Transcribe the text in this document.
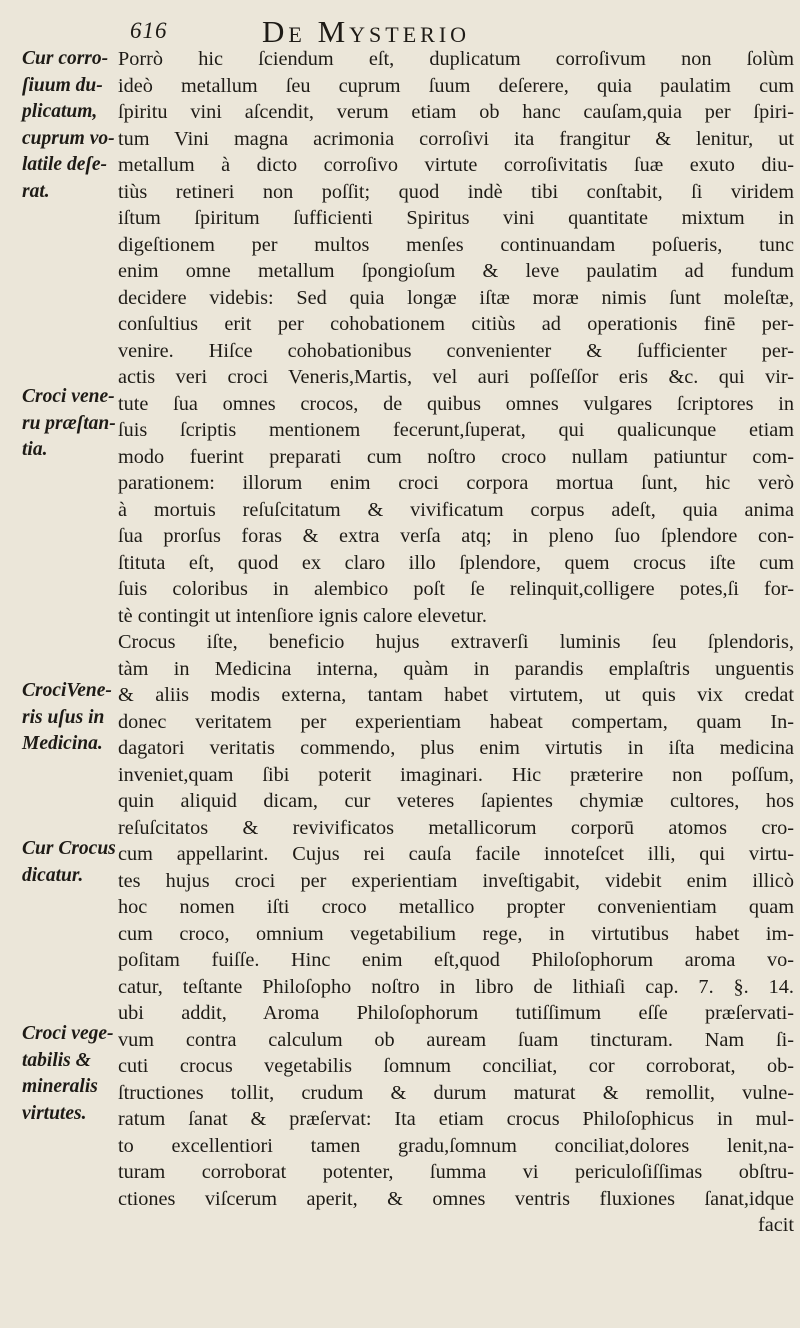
616	De Mysterio
Cur corro-
ſiuum du-
plicatum,
cuprum vo-
latile deſe-
rat.
Croci vene-
ru præſtan-
tia.
CrociVene-
ris uſus in
Medicina.
Cur Crocus
dicatur.
Croci vege-
tabilis &
mineralis
virtutes.
Porrò hic ſciendum eſt, duplicatum corroſivum non ſolùm
ideò metallum ſeu cuprum ſuum deſerere, quia paulatim cum
ſpiritu vini aſcendit, verum etiam ob hanc cauſam,quia per ſpiri-
tum Vini magna acrimonia corroſivi ita frangitur & lenitur, ut
metallum à dicto corroſivo virtute corroſivitatis ſuæ exuto diu-
tiùs retineri non poſſit; quod indè tibi conſtabit, ſi viridem
iſtum ſpiritum ſufficienti Spiritus vini quantitate mixtum in
digeſtionem per multos menſes continuandam poſueris, tunc
enim omne metallum ſpongioſum & leve paulatim ad fundum
decidere videbis: Sed quia longæ iſtæ moræ nimis ſunt moleſtæ,
conſultius erit per cohobationem citiùs ad operationis finē per-
venire. Hiſce cohobationibus convenienter & ſufficienter per-
actis veri croci Veneris,Martis, vel auri poſſeſſor eris &c. qui vir-
tute ſua omnes crocos, de quibus omnes vulgares ſcriptores in
ſuis ſcriptis mentionem fecerunt,ſuperat, qui qualicunque etiam
modo fuerint preparati cum noſtro croco nullam patiuntur com-
parationem: illorum enim croci corpora mortua ſunt, hic verò
à mortuis reſuſcitatum & vivificatum corpus adeſt, quia anima
ſua prorſus foras & extra verſa atq; in pleno ſuo ſplendore con-
ſtituta eſt, quod ex claro illo ſplendore, quem crocus iſte cum
ſuis coloribus in alembico poſt ſe relinquit,colligere potes,ſi for-
tè contingit ut intenſiore ignis calore elevetur.
Crocus iſte, beneficio hujus extraverſi luminis ſeu ſplendoris,
tàm in Medicina interna, quàm in parandis emplaſtris unguentis
& aliis modis externa, tantam habet virtutem, ut quis vix credat
donec veritatem per experientiam habeat compertam, quam In-
dagatori veritatis commendo, plus enim virtutis in iſta medicina
inveniet,quam ſibi poterit imaginari. Hic præterire non poſſum,
quin aliquid dicam, cur veteres ſapientes chymiæ cultores, hos
reſuſcitatos & revivificatos metallicorum corporū atomos cro-
cum appellarint. Cujus rei cauſa facile innoteſcet illi, qui virtu-
tes hujus croci per experientiam inveſtigabit, videbit enim illicò
hoc nomen iſti croco metallico propter convenientiam quam
cum croco, omnium vegetabilium rege, in virtutibus habet im-
poſitam fuiſſe. Hinc enim eſt,quod Philoſophorum aroma vo-
catur, teſtante Philoſopho noſtro in libro de lithiaſi cap. 7. §. 14.
ubi addit, Aroma Philoſophorum tutiſſimum eſſe præſervati-
vum contra calculum ob auream ſuam tincturam. Nam ſi-
cuti crocus vegetabilis ſomnum conciliat, cor corroborat, ob-
ſtructiones tollit, crudum & durum maturat & remollit, vulne-
ratum ſanat & præſervat: Ita etiam crocus Philoſophicus in mul-
to excellentiori tamen gradu,ſomnum conciliat,dolores lenit,na-
turam corroborat potenter, ſumma vi periculoſiſſimas obſtru-
ctiones viſcerum aperit, & omnes ventris fluxiones ſanat,idque
facit
